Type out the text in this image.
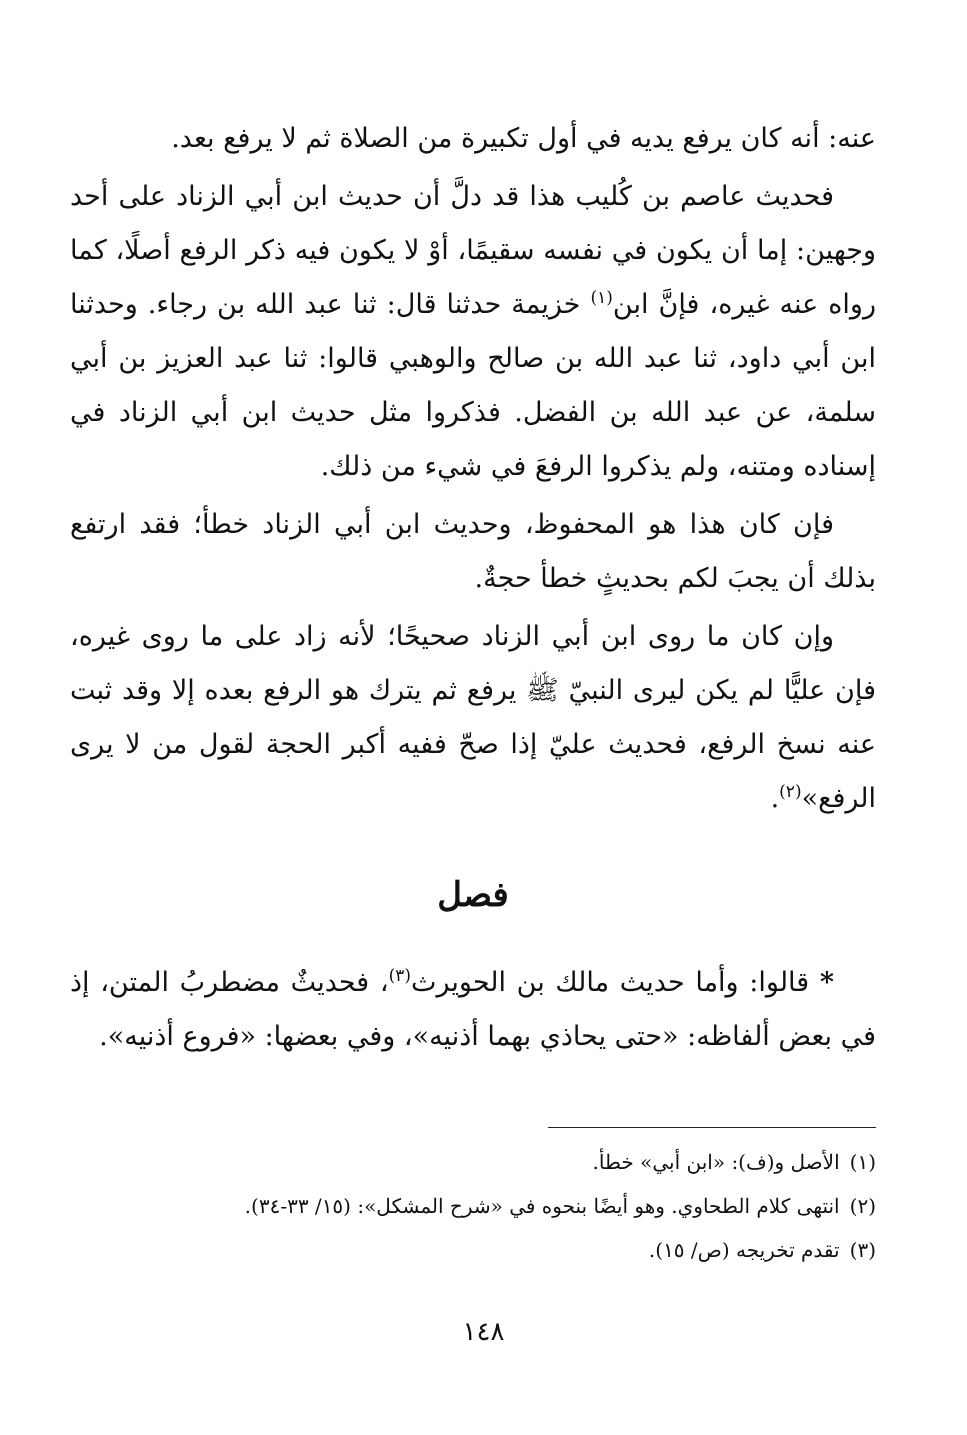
عنه: أنه كان يرفع يديه في أول تكبيرة من الصلاة ثم لا يرفع بعد.

فحديث عاصم بن كُليب هذا قد دلَّ أن حديث ابن أبي الزناد على أحد وجهين: إما أن يكون في نفسه سقيمًا، أوْ لا يكون فيه ذكر الرفع أصلًا، كما رواه عنه غيره، فإنَّ ابن$^{(١)}$ خزيمة حدثنا قال: ثنا عبد الله بن رجاء. وحدثنا ابن أبي داود، ثنا عبد الله بن صالح والوهبي قالوا: ثنا عبد العزيز بن أبي سلمة، عن عبد الله بن الفضل. فذكروا مثل حديث ابن أبي الزناد في إسناده ومتنه، ولم يذكروا الرفعَ في شيء من ذلك.

فإن كان هذا هو المحفوظ، وحديث ابن أبي الزناد خطأ؛ فقد ارتفع بذلك أن يجبَ لكم بحديثٍ خطأ حجةٌ.

وإن كان ما روى ابن أبي الزناد صحيحًا؛ لأنه زاد على ما روى غيره، فإن عليًّا لم يكن ليرى النبيّ ﷺ يرفع ثم يترك هو الرفع بعده إلا وقد ثبت عنه نسخ الرفع، فحديث عليّ إذا صحّ ففيه أكبر الحجة لقول من لا يرى الرفع»$^{(٢)}$.

فصل

* قالوا: وأما حديث مالك بن الحويرث$^{(٣)}$، فحديثٌ مضطربُ المتن، إذ في بعض ألفاظه: «حتى يحاذي بهما أذنيه»، وفي بعضها: «فروع أذنيه».

(١)الأصل و(ف): «ابن أبي» خطأ.
(٢)انتهى كلام الطحاوي. وهو أيضًا بنحوه في «شرح المشكل»: (١٥/ ٣٣-٣٤).
(٣)تقدم تخريجه (ص/ ١٥).
١٤٨
